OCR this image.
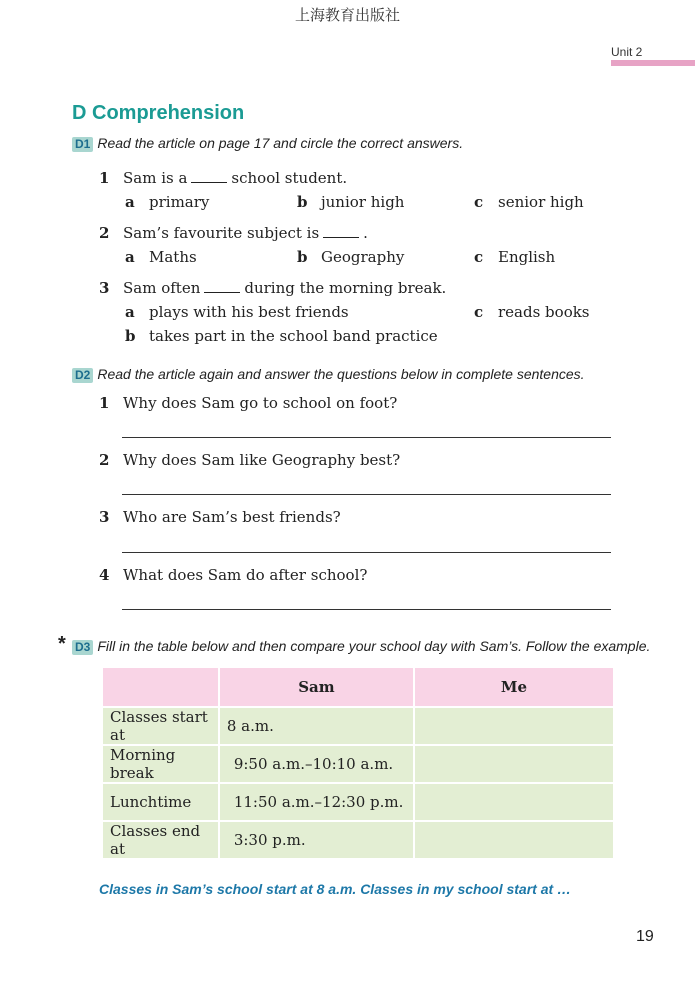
上海教育出版社
Unit 2
D Comprehension
D1 Read the article on page 17 and circle the correct answers.
1 Sam is a	school student.
a primary	b junior high	c senior high
2 Sam’s favourite subject is	.
a Maths	b Geography	c English
3 Sam often	during the morning break.
a plays with his best friends	c reads books
b takes part in the school band practice
D2 Read the article again and answer the questions below in complete sentences.
1 Why does Sam go to school on foot?
2 Why does Sam like Geography best?
3 Who are Sam’s best friends?
4 What does Sam do after school?
* D3 Fill in the table below and then compare your school day with Sam’s. Follow the example.
	Sam	Me
Classes start at	8 a.m.	
Morning break	9:50 a.m.–10:10 a.m.	
Lunchtime	11:50 a.m.–12:30 p.m.	
Classes end at	3:30 p.m.	
Classes in Sam’s school start at 8 a.m. Classes in my school start at …
19
